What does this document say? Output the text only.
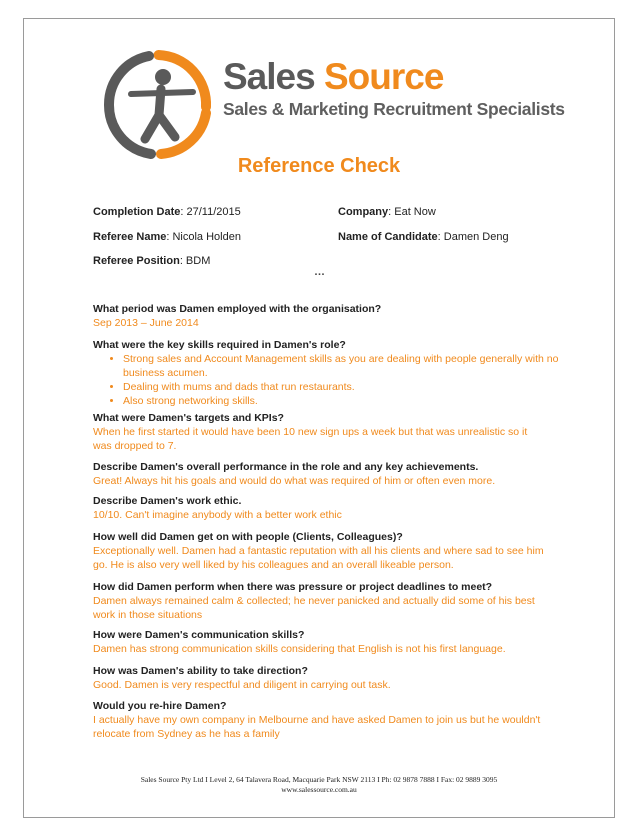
Sales Source
Sales & Marketing Recruitment Specialists
Reference Check
Completion Date: 27/11/2015	Company: Eat Now
Referee Name: Nicola Holden	Name of Candidate: Damen Deng
Referee Position: BDM
…
What period was Damen employed with the organisation?
Sep 2013 – June 2014
What were the key skills required in Damen's role?
• Strong sales and Account Management skills as you are dealing with people generally with no business acumen.
• Dealing with mums and dads that run restaurants.
• Also strong networking skills.
What were Damen's targets and KPIs?
When he first started it would have been 10 new sign ups a week but that was unrealistic so it
was dropped to 7.
Describe Damen's overall performance in the role and any key achievements.
Great! Always hit his goals and would do what was required of him or often even more.
Describe Damen's work ethic.
10/10. Can't imagine anybody with a better work ethic
How well did Damen get on with people (Clients, Colleagues)?
Exceptionally well. Damen had a fantastic reputation with all his clients and where sad to see him
go. He is also very well liked by his colleagues and an overall likeable person.
How did Damen perform when there was pressure or project deadlines to meet?
Damen always remained calm & collected; he never panicked and actually did some of his best
work in those situations
How were Damen's communication skills?
Damen has strong communication skills considering that English is not his first language.
How was Damen's ability to take direction?
Good. Damen is very respectful and diligent in carrying out task.
Would you re-hire Damen?
I actually have my own company in Melbourne and have asked Damen to join us but he wouldn't
relocate from Sydney as he has a family
Sales Source Pty Ltd I Level 2, 64 Talavera Road, Macquarie Park NSW 2113 I Ph: 02 9878 7888 I Fax: 02 9889 3095
www.salessource.com.au
